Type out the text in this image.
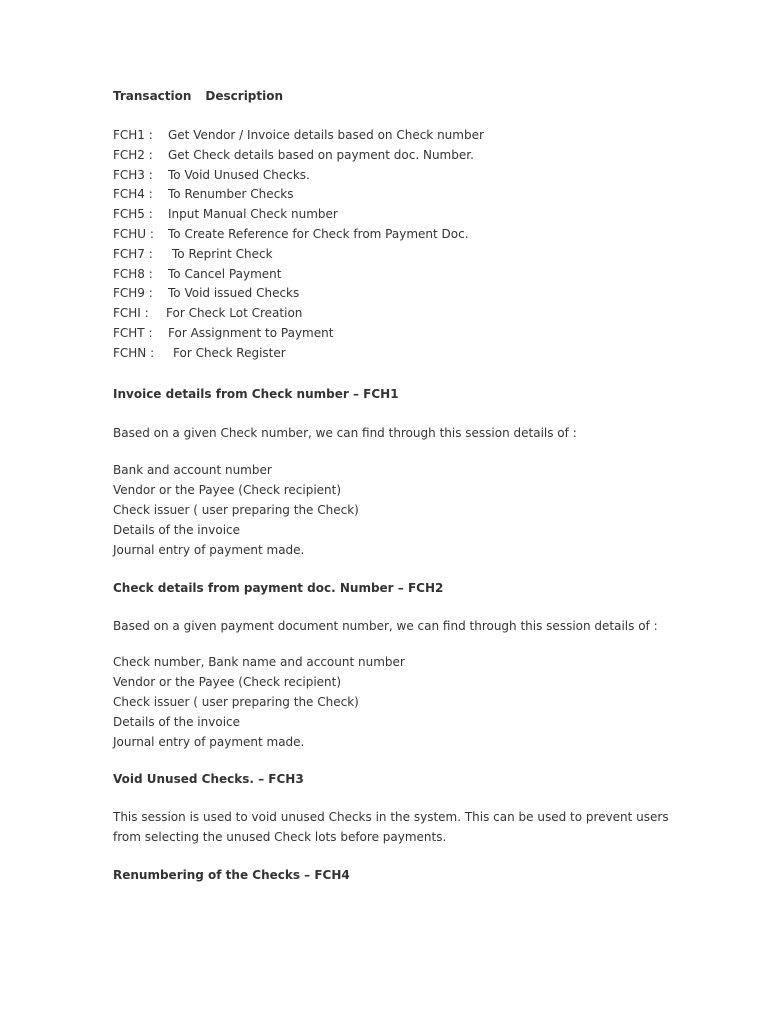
Transaction Description
FCH1 : Get Vendor / Invoice details based on Check number
FCH2 : Get Check details based on payment doc. Number.
FCH3 : To Void Unused Checks.
FCH4 : To Renumber Checks
FCH5 : Input Manual Check number
FCHU : To Create Reference for Check from Payment Doc.
FCH7 : To Reprint Check
FCH8 : To Cancel Payment
FCH9 : To Void issued Checks
FCHI : For Check Lot Creation
FCHT : For Assignment to Payment
FCHN : For Check Register
Invoice details from Check number – FCH1
Based on a given Check number, we can find through this session details of :
Bank and account number
Vendor or the Payee (Check recipient)
Check issuer ( user preparing the Check)
Details of the invoice
Journal entry of payment made.
Check details from payment doc. Number – FCH2
Based on a given payment document number, we can find through this session details of :
Check number, Bank name and account number
Vendor or the Payee (Check recipient)
Check issuer ( user preparing the Check)
Details of the invoice
Journal entry of payment made.
Void Unused Checks. – FCH3
This session is used to void unused Checks in the system. This can be used to prevent users
from selecting the unused Check lots before payments.
Renumbering of the Checks – FCH4
